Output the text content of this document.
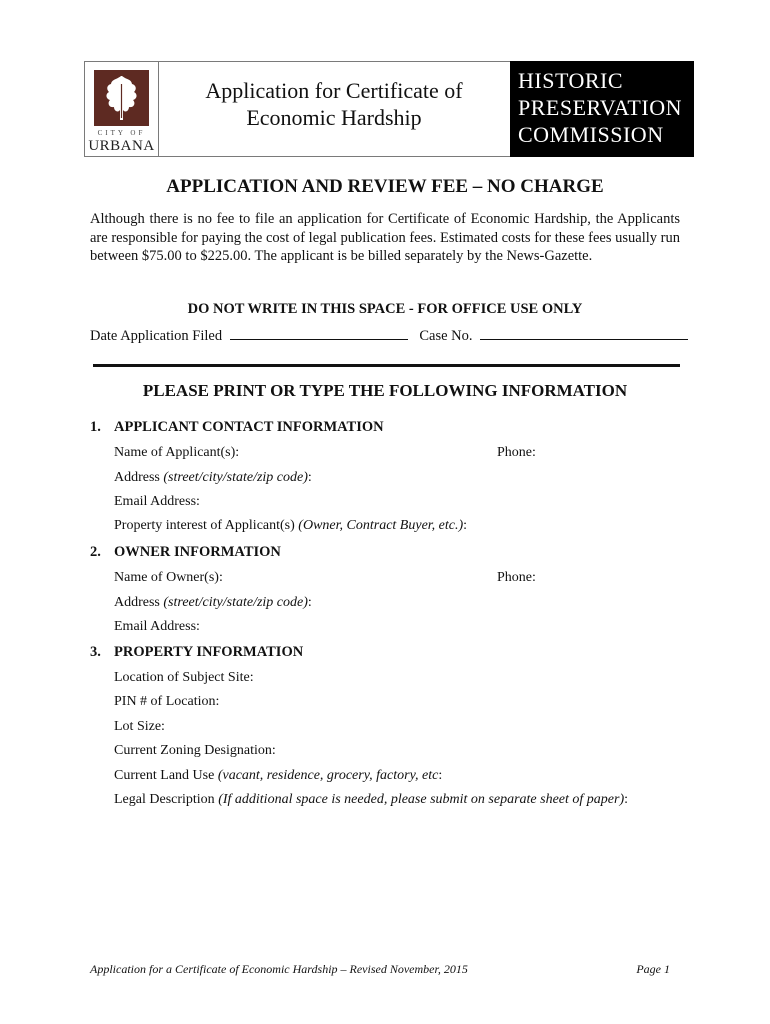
CITY OF
URBANA
Application for Certificate of
Economic Hardship
HISTORIC
PRESERVATION
COMMISSION
APPLICATION AND REVIEW FEE – NO CHARGE
Although there is no fee to file an application for Certificate of Economic Hardship, the Applicants are responsible for paying the cost of legal publication fees. Estimated costs for these fees usually run between $75.00 to $225.00. The applicant is be billed separately by the News-Gazette.
DO NOT WRITE IN THIS SPACE - FOR OFFICE USE ONLY
Date Application Filed	Case No.
PLEASE PRINT OR TYPE THE FOLLOWING INFORMATION
1. APPLICANT CONTACT INFORMATION
Name of Applicant(s):	Phone:
Address (street/city/state/zip code):
Email Address:
Property interest of Applicant(s) (Owner, Contract Buyer, etc.):
2. OWNER INFORMATION
Name of Owner(s):	Phone:
Address (street/city/state/zip code):
Email Address:
3. PROPERTY INFORMATION
Location of Subject Site:
PIN # of Location:
Lot Size:
Current Zoning Designation:
Current Land Use (vacant, residence, grocery, factory, etc:
Legal Description (If additional space is needed, please submit on separate sheet of paper):
Application for a Certificate of Economic Hardship – Revised November, 2015	Page 1
